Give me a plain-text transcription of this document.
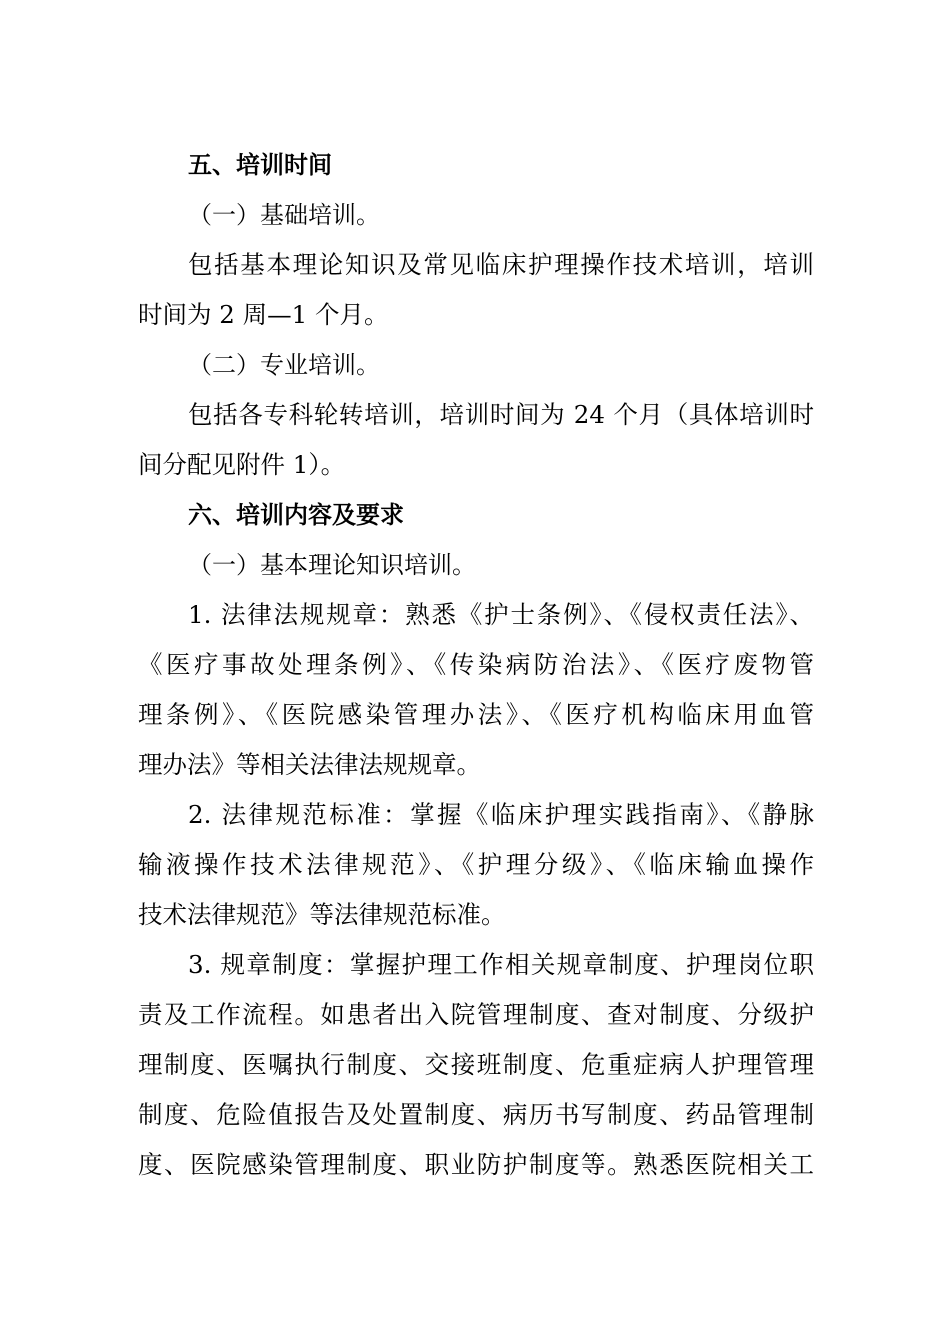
五、培训时间
（一）基础培训。
包括基本理论知识及常见临床护理操作技术培训，培训
时间为 2 周—1 个月。
（二）专业培训。
包括各专科轮转培训，培训时间为 24 个月（具体培训时
间分配见附件 1）。
六、培训内容及要求
（一）基本理论知识培训。
1. 法律法规规章：熟悉《护士条例》、《侵权责任法》、
《医疗事故处理条例》、《传染病防治法》、《医疗废物管
理条例》、《医院感染管理办法》、《医疗机构临床用血管
理办法》等相关法律法规规章。
2. 法律规范标准：掌握《临床护理实践指南》、《静脉
输液操作技术法律规范》、《护理分级》、《临床输血操作
技术法律规范》等法律规范标准。
3. 规章制度：掌握护理工作相关规章制度、护理岗位职
责及工作流程。如患者出入院管理制度、查对制度、分级护
理制度、医嘱执行制度、交接班制度、危重症病人护理管理
制度、危险值报告及处置制度、病历书写制度、药品管理制
度、医院感染管理制度、职业防护制度等。熟悉医院相关工
